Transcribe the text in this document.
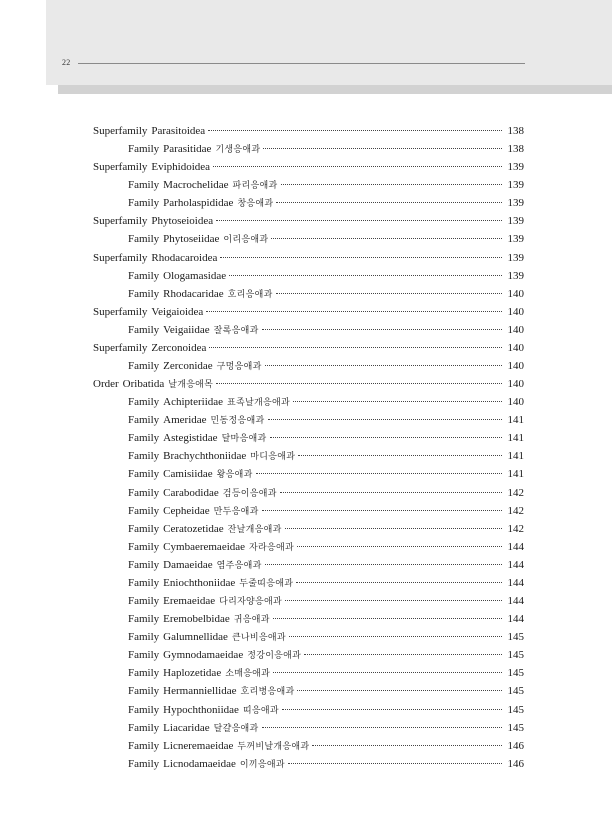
22
Superfamily Parasitoidea	138
Family Parasitidae 기생응애과	138
Superfamily Eviphidoidea	139
Family Macrochelidae 파리응애과	139
Family Parholaspididae 창응애과	139
Superfamily Phytoseioidea	139
Family Phytoseiidae 이리응애과	139
Superfamily Rhodacaroidea	139
Family Ologamasidae	139
Family Rhodacaridae 호리응애과	140
Superfamily Veigaioidea	140
Family Veigaiidae 잘록응애과	140
Superfamily Zerconoidea	140
Family Zerconidae 구멍응애과	140
Order Oribatida 날개응애목	140
Family Achipteriidae 표족날개응애과	140
Family Ameridae 민동정응애과	141
Family Astegistidae 달마응애과	141
Family Brachychthoniidae 마디응애과	141
Family Camisiidae 왕응애과	141
Family Carabodidae 검등이응애과	142
Family Cepheidae 만두응애과	142
Family Ceratozetidae 잔날개응애과	142
Family Cymbaeremaeidae 자라응애과	144
Family Damaeidae 염주응애과	144
Family Eniochthoniidae 두줄띠응애과	144
Family Eremaeidae 다리자양응애과	144
Family Eremobelbidae 귀응애과	144
Family Galumnellidae 큰나비응애과	145
Family Gymnodamaeidae 정강이응애과	145
Family Haplozetidae 소매응애과	145
Family Hermanniellidae 호리병응애과	145
Family Hypochthoniidae 띠응애과	145
Family Liacaridae 달걀응애과	145
Family Licneremaeidae 두꺼비날개응애과	146
Family Licnodamaeidae 이끼응애과	146
